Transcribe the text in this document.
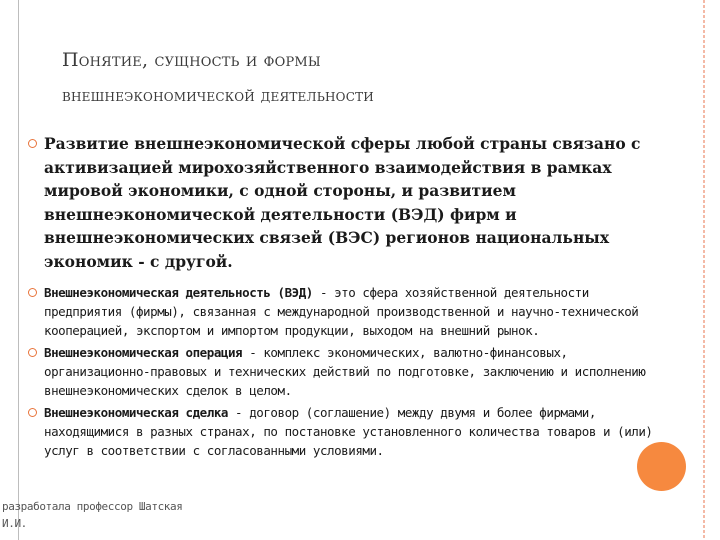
Понятие, сущность и формы
внешнеэкономической деятельности
Развитие внешнеэкономической сферы любой страны связано с активизацией мирохозяйственного взаимодействия в рамках мировой экономики, с одной стороны, и развитием внешнеэкономической деятельности (ВЭД) фирм и внешнеэкономических связей (ВЭС) регионов национальных экономик - с другой.
Внешнеэкономическая деятельность (ВЭД) - это сфера хозяйственной деятельности предприятия (фирмы), связанная с международной производственной и научно-технической кооперацией, экспортом и импортом продукции, выходом на внешний рынок.
Внешнеэкономическая операция - комплекс экономических, валютно-финансовых, организационно-правовых и технических действий по подготовке, заключению и исполнению внешнеэкономических сделок в целом.
Внешнеэкономическая сделка - договор (соглашение) между двумя и более фирмами, находящимися в разных странах, по постановке установленного количества товаров и (или) услуг в соответствии с согласованными условиями.
разработала профессор Шатская И.И.
